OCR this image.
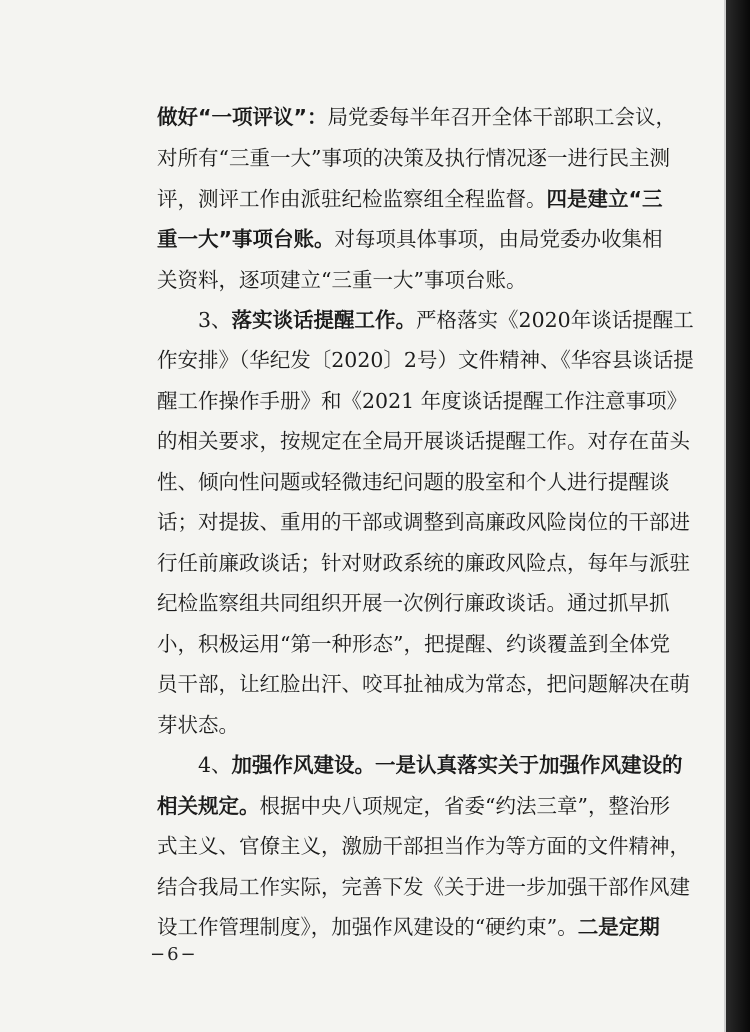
做好“一项评议”：局党委每半年召开全体干部职工会议，
对所有“三重一大”事项的决策及执行情况逐一进行民主测
评，测评工作由派驻纪检监察组全程监督。四是建立“三
重一大”事项台账。对每项具体事项，由局党委办收集相
关资料，逐项建立“三重一大”事项台账。
3、落实谈话提醒工作。严格落实《2020年谈话提醒工
作安排》（华纪发〔2020〕2号）文件精神、《华容县谈话提
醒工作操作手册》和《2021 年度谈话提醒工作注意事项》
的相关要求，按规定在全局开展谈话提醒工作。对存在苗头
性、倾向性问题或轻微违纪问题的股室和个人进行提醒谈
话；对提拔、重用的干部或调整到高廉政风险岗位的干部进
行任前廉政谈话；针对财政系统的廉政风险点，每年与派驻
纪检监察组共同组织开展一次例行廉政谈话。通过抓早抓
小，积极运用“第一种形态”，把提醒、约谈覆盖到全体党
员干部，让红脸出汗、咬耳扯袖成为常态，把问题解决在萌
芽状态。
4、加强作风建设。一是认真落实关于加强作风建设的
相关规定。根据中央八项规定，省委“约法三章”，整治形
式主义、官僚主义，激励干部担当作为等方面的文件精神，
结合我局工作实际，完善下发《关于进一步加强干部作风建
设工作管理制度》，加强作风建设的“硬约束”。二是定期
−6−
